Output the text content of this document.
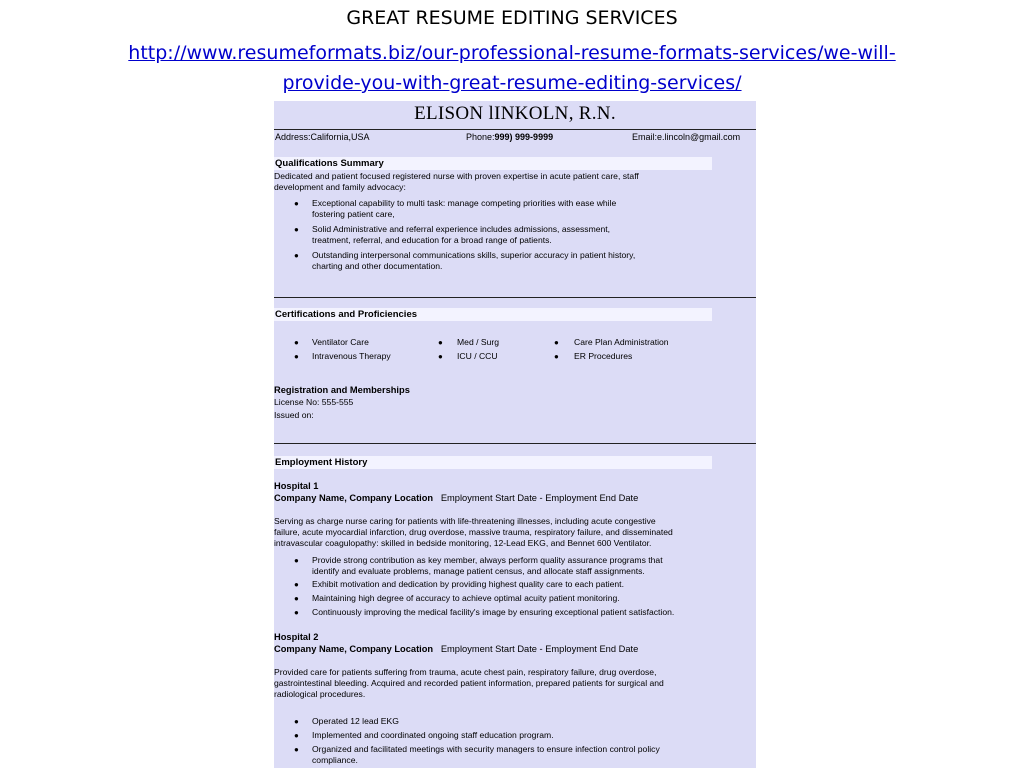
GREAT RESUME EDITING SERVICES
http://www.resumeformats.biz/our-professional-resume-formats-services/we-will-
provide-you-with-great-resume-editing-services/
ELISON lINKOLN, R.N.
Address:California,USA	Phone:999) 999-9999	Email:e.lincoln@gmail.com
Qualifications Summary
Dedicated and patient focused registered nurse with proven expertise in acute patient care, staff
development and family advocacy:
● Exceptional capability to multi task: manage competing priorities with ease while
fostering patient care,
● Solid Administrative and referral experience includes admissions, assessment,
treatment, referral, and education for a broad range of patients.
● Outstanding interpersonal communications skills, superior accuracy in patient history,
charting and other documentation.
Certifications and Proficiencies
● Ventilator Care
● Intravenous Therapy
● Med / Surg
● ICU / CCU
● Care Plan Administration
● ER Procedures
Registration and Memberships
License No: 555-555
Issued on:
Employment History
Hospital 1
Company Name, Company Location Employment Start Date - Employment End Date
Serving as charge nurse caring for patients with life-threatening illnesses, including acute congestive
failure, acute myocardial infarction, drug overdose, massive trauma, respiratory failure, and disseminated
intravascular coagulopathy: skilled in bedside monitoring, 12-Lead EKG, and Bennet 600 Ventilator.
● Provide strong contribution as key member, always perform quality assurance programs that
identify and evaluate problems, manage patient census, and allocate staff assignments.
● Exhibit motivation and dedication by providing highest quality care to each patient.
● Maintaining high degree of accuracy to achieve optimal acuity patient monitoring.
● Continuously improving the medical facility's image by ensuring exceptional patient satisfaction.
Hospital 2
Company Name, Company Location Employment Start Date - Employment End Date
Provided care for patients suffering from trauma, acute chest pain, respiratory failure, drug overdose,
gastrointestinal bleeding. Acquired and recorded patient information, prepared patients for surgical and
radiological procedures.
● Operated 12 lead EKG
● Implemented and coordinated ongoing staff education program.
● Organized and facilitated meetings with security managers to ensure infection control policy
compliance.
